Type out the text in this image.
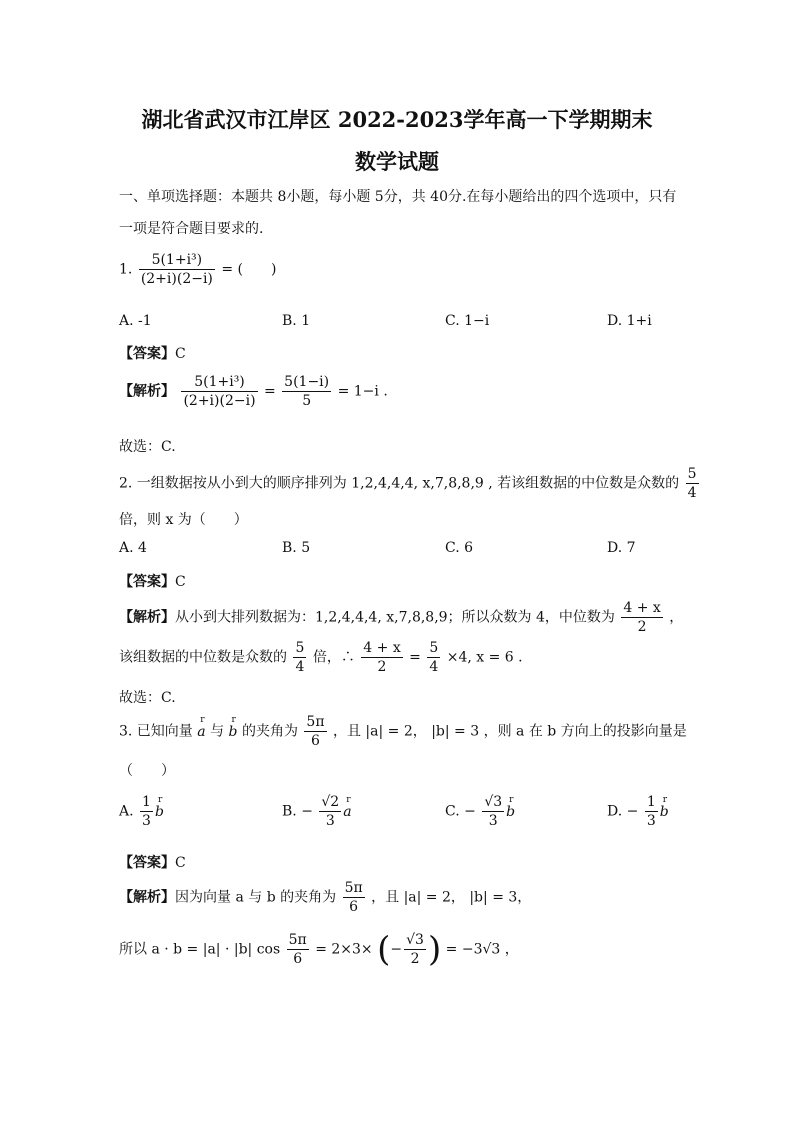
湖北省武汉市江岸区 2022-2023学年高一下学期期末
数学试题
一、单项选择题：本题共 8小题，每小题 5分，共 40分.在每小题给出的四个选项中，只有
一项是符合题目要求的.
1. $\frac{\text{5(1+i³)}}{(2+i)(2-i)}$ = (　　)
A. -1	B. 1	C. 1−i	D. 1+i
【答案】C
【解析】 $\frac{\text{5(1+i³)}}{(2+i)(2-i)} = \frac{5(1-i)}{5} = 1-i$ .
故选：C.
2. 一组数据按从小到大的顺序排列为 1,2,4,4,4, x,7,8,8,9 , 若该组数据的中位数是众数的 $\frac{5}{4}$
倍，则 x 为（　　）
A. 4	B. 5	C. 6	D. 7
【答案】C
【解析】从小到大排列数据为：1,2,4,4,4, x,7,8,8,9；所以众数为 4，中位数为 $\frac{4 + x}{2}$ ，
该组数据的中位数是众数的 $\frac{5}{4}$ 倍，∴ $\frac{4 + x}{2} = \frac{5}{4} \times 4$, x = 6 .
故选：C.
3. 已知向量 r a 与 r b 的夹角为 $\frac{5\pi}{6}$ ，且 |a| = 2， |b| = 3 ，则 a 在 b 方向上的投影向量是
（　　）
A. $\frac{1}{3}$ r b	B. − $\frac{√2}{3}$ r a	C. − $\frac{√3}{3}$ r b	D. − $\frac{1}{3}$ r b
【答案】C
【解析】因为向量 a 与 b 的夹角为 $\frac{5\pi}{6}$ ，且 |a| = 2， |b| = 3，
所以 a · b = |a| · |b| $\cos \frac{5\pi}{6} = 2\times 3\times$ (− $\frac{√3}{2}$ ) = −3√3 ，
